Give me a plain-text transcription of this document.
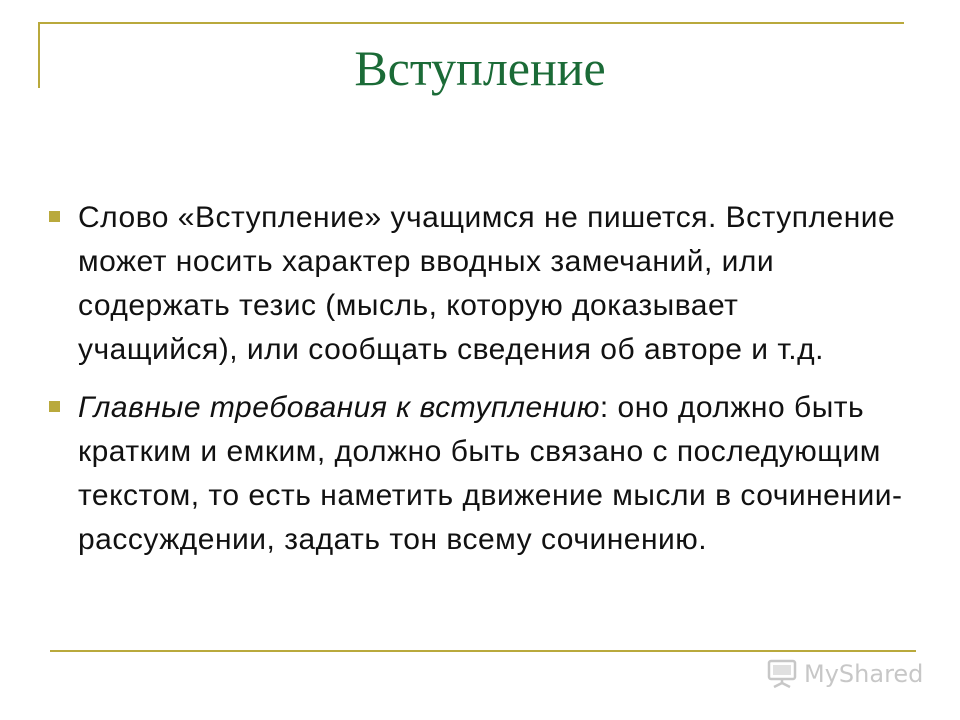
Вступление
Слово «Вступление» учащимся не пишется. Вступление может носить характер вводных замечаний, или содержать тезис (мысль, которую доказывает учащийся), или сообщать сведения об авторе и т.д.
Главные требования к вступлению: оно должно быть кратким и емким, должно быть связано с последующим текстом, то есть наметить движение мысли в сочинении-рассуждении, задать тон всему сочинению.
MyShared
